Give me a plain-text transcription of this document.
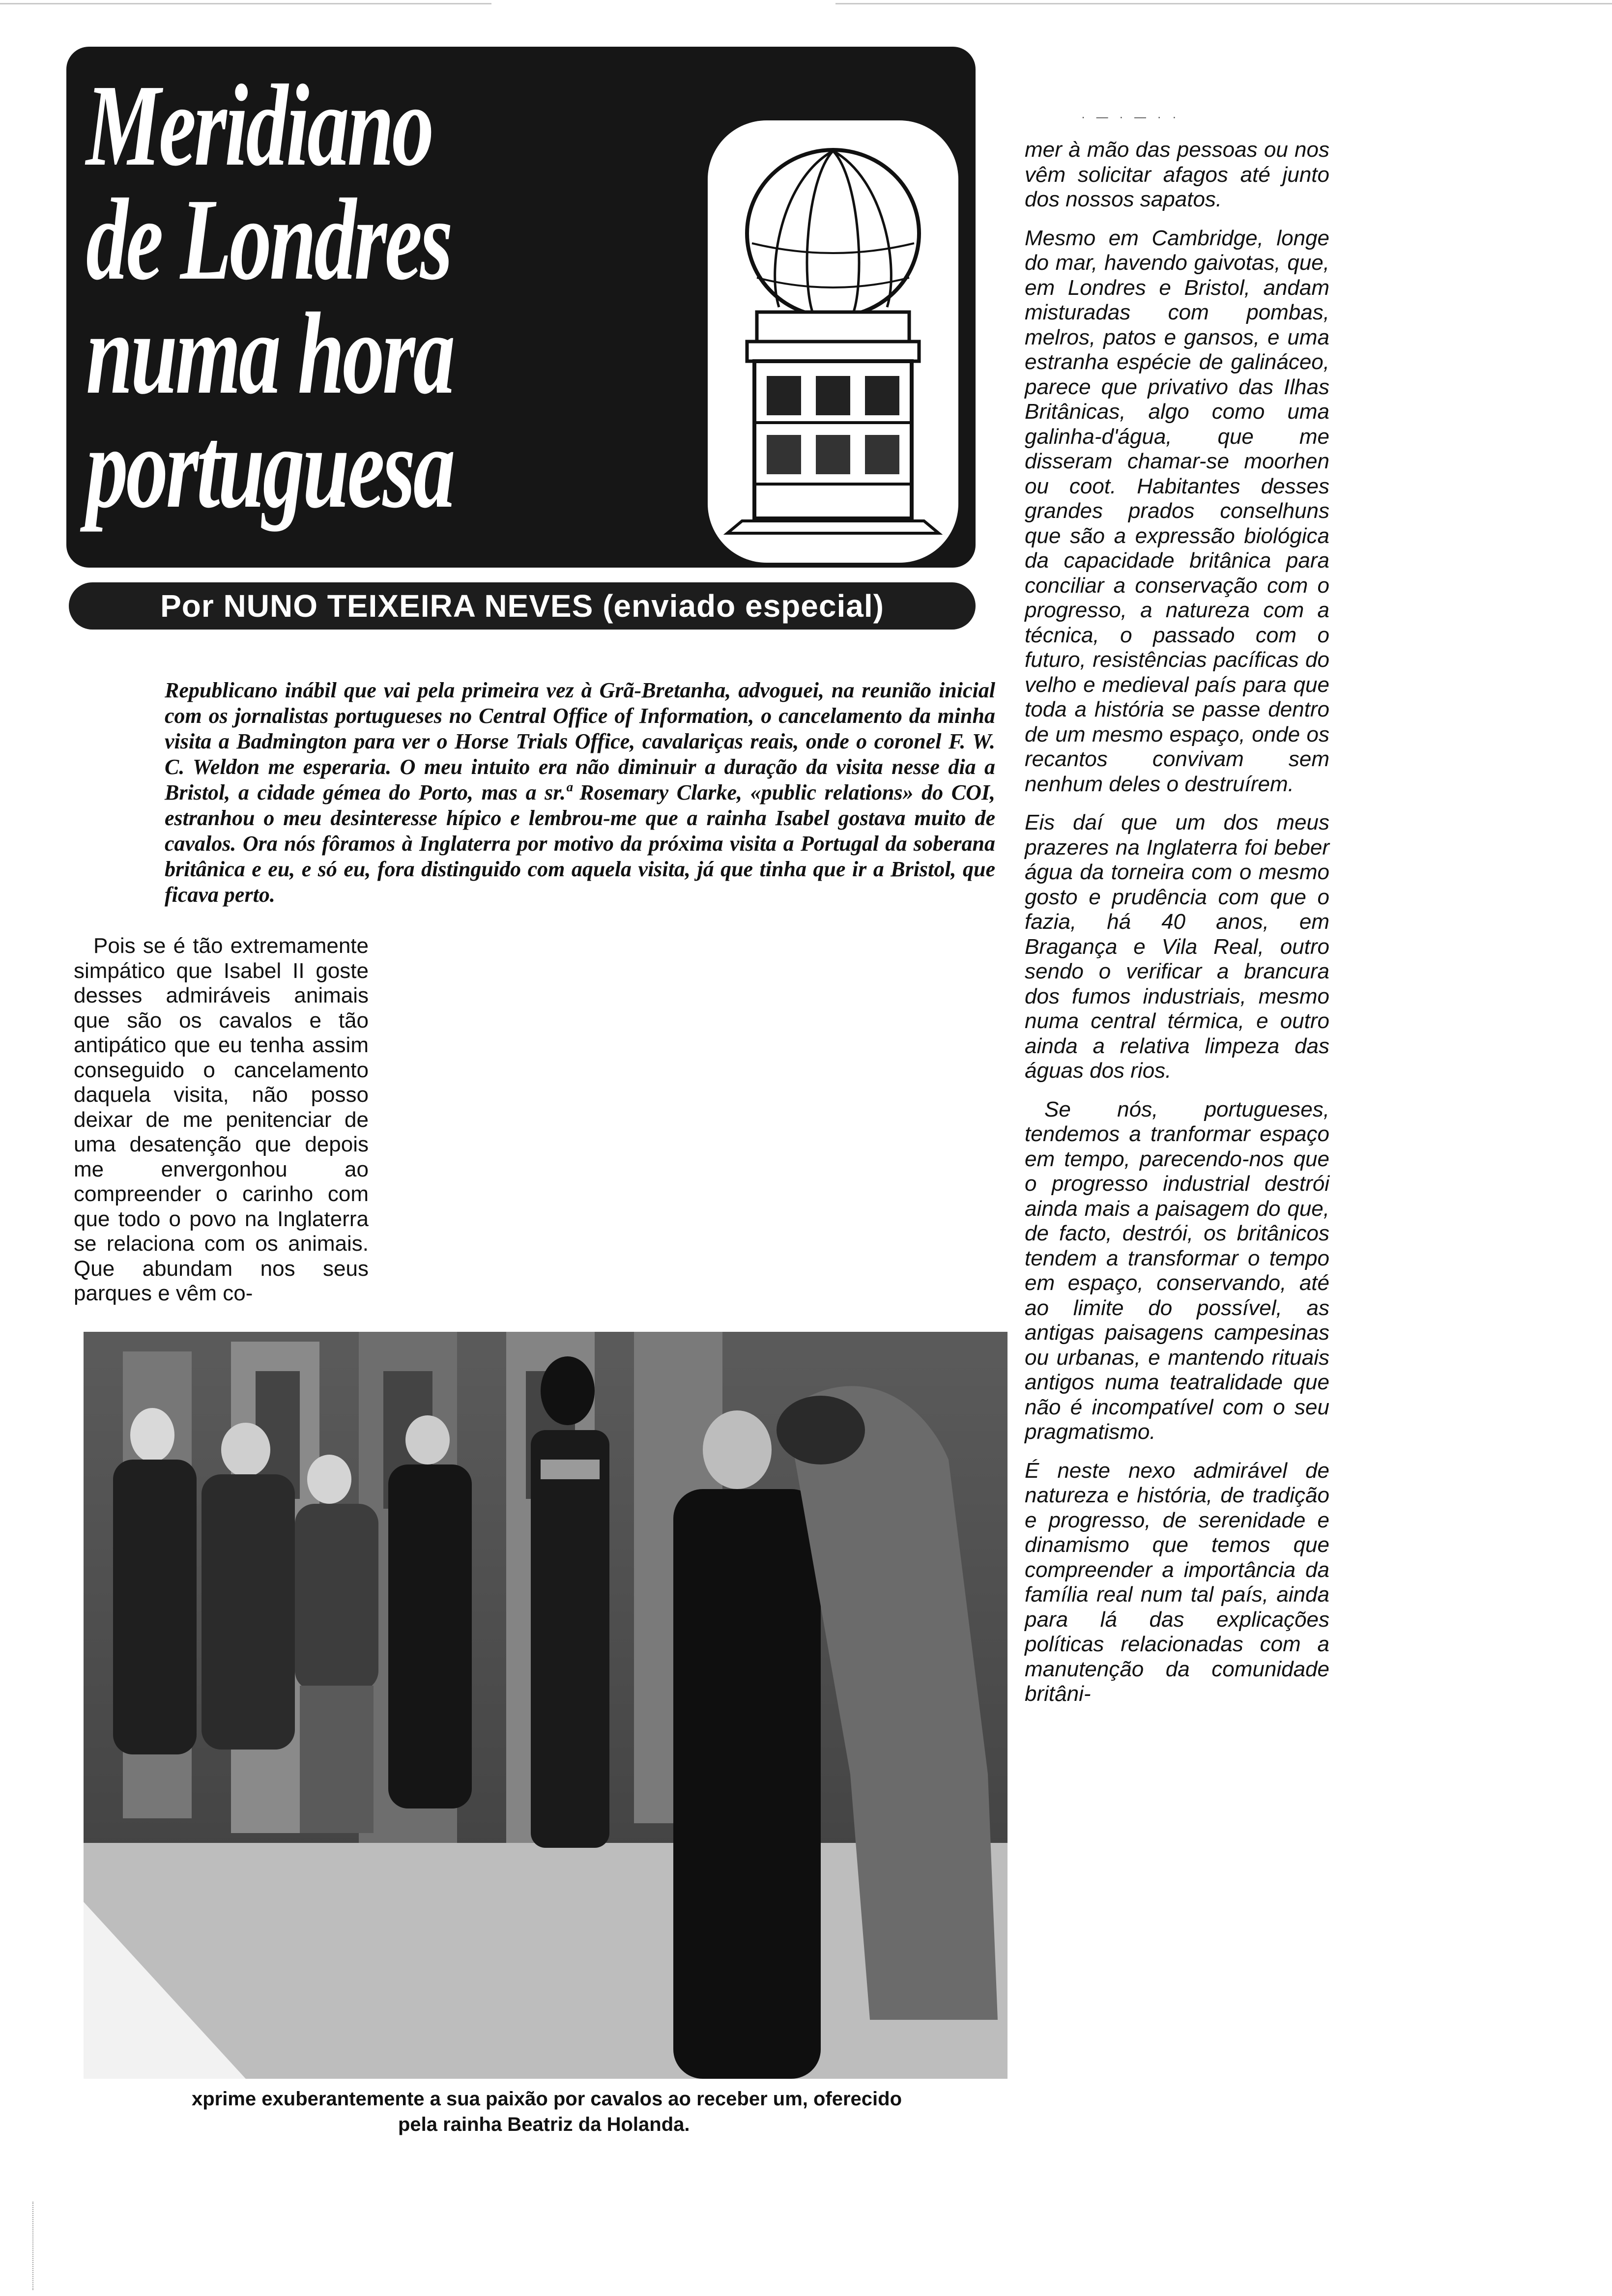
Meridiano
de Londres
numa hora
portuguesa
Por NUNO TEIXEIRA NEVES (enviado especial)

Republicano inábil que vai pela primeira vez à Grã-Bretanha, advoguei, na reunião inicial com os jornalistas portugueses no Central Office of Information, o cancelamento da minha visita a Badmington para ver o Horse Trials Office, cavalariças reais, onde o coronel F. W. C. Weldon me esperaria. O meu intuito era não diminuir a duração da visita nesse dia a Bristol, a cidade gémea do Porto, mas a sr.ª Rosemary Clarke, «public relations» do COI, estranhou o meu desinteresse hípico e lembrou-me que a rainha Isabel gostava muito de cavalos. Ora nós fôramos à Inglaterra por motivo da próxima visita a Portugal da soberana britânica e eu, e só eu, fora distinguido com aquela visita, já que tinha que ir a Bristol, que ficava perto.

Pois se é tão extremamente simpático que Isabel II goste desses admiráveis animais que são os cavalos e tão antipático que eu tenha assim conseguido o cancelamento daquela visita, não posso deixar de me penitenciar de uma desatenção que depois me envergonhou ao compreender o carinho com que todo o povo na Inglaterra se relaciona com os animais. Que abundam nos seus parques e vêm co-

· — · — · ·

mer à mão das pessoas ou nos vêm solicitar afagos até junto dos nossos sapatos.

Mesmo em Cambridge, longe do mar, havendo gaivotas, que, em Londres e Bristol, andam misturadas com pombas, melros, patos e gansos, e uma estranha espécie de galináceo, parece que privativo das Ilhas Britânicas, algo como uma galinha-d'água, que me disseram chamar-se moorhen ou coot. Habitantes desses grandes prados conselhuns que são a expressão biológica da capacidade britânica para conciliar a conservação com o progresso, a natureza com a técnica, o passado com o futuro, resistências pacíficas do velho e medieval país para que toda a história se passe dentro de um mesmo espaço, onde os recantos convivam sem nenhum deles o destruírem.

Eis daí que um dos meus prazeres na Inglaterra foi beber água da torneira com o mesmo gosto e prudência com que o fazia, há 40 anos, em Bragança e Vila Real, outro sendo o verificar a brancura dos fumos industriais, mesmo numa central térmica, e outro ainda a relativa limpeza das águas dos rios.

Se nós, portugueses, tendemos a tranformar espaço em tempo, parecendo-nos que o progresso industrial destrói ainda mais a paisagem do que, de facto, destrói, os britânicos tendem a transformar o tempo em espaço, conservando, até ao limite do possível, as antigas paisagens campesinas ou urbanas, e mantendo rituais antigos numa teatralidade que não é incompatível com o seu pragmatismo.

É neste nexo admirável de natureza e história, de tradição e progresso, de serenidade e dinamismo que temos que compreender a importância da família real num tal país, ainda para lá das explicações políticas relacionadas com a manutenção da comunidade britâni-

xprime exuberantemente a sua paixão por cavalos ao receber um, oferecido
pela rainha Beatriz da Holanda.
